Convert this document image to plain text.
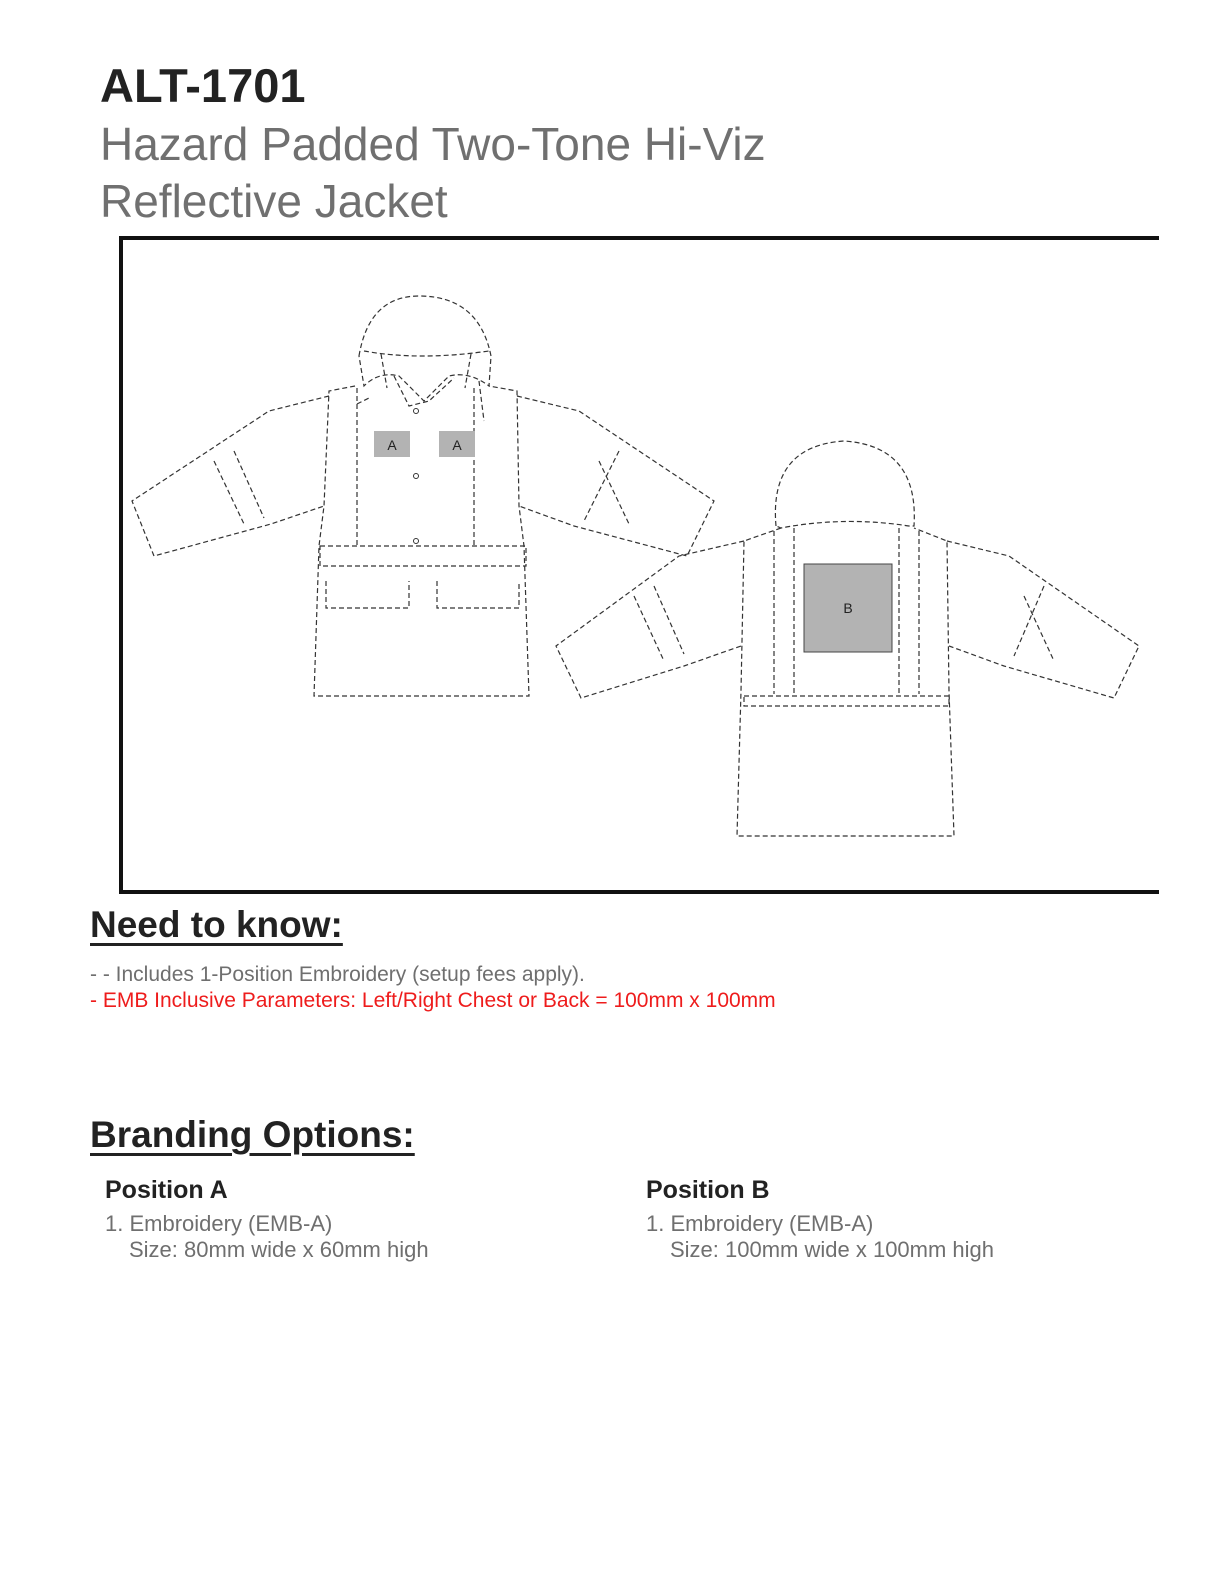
ALT-1701
Hazard Padded Two-Tone Hi-Viz
Reflective Jacket
A	A
B
Need to know:
- - Includes 1-Position Embroidery (setup fees apply).
- EMB Inclusive Parameters: Left/Right Chest or Back = 100mm x 100mm
Branding Options:
Position A
1. Embroidery (EMB-A)
Size: 80mm wide x 60mm high
Position B
1. Embroidery (EMB-A)
Size: 100mm wide x 100mm high
